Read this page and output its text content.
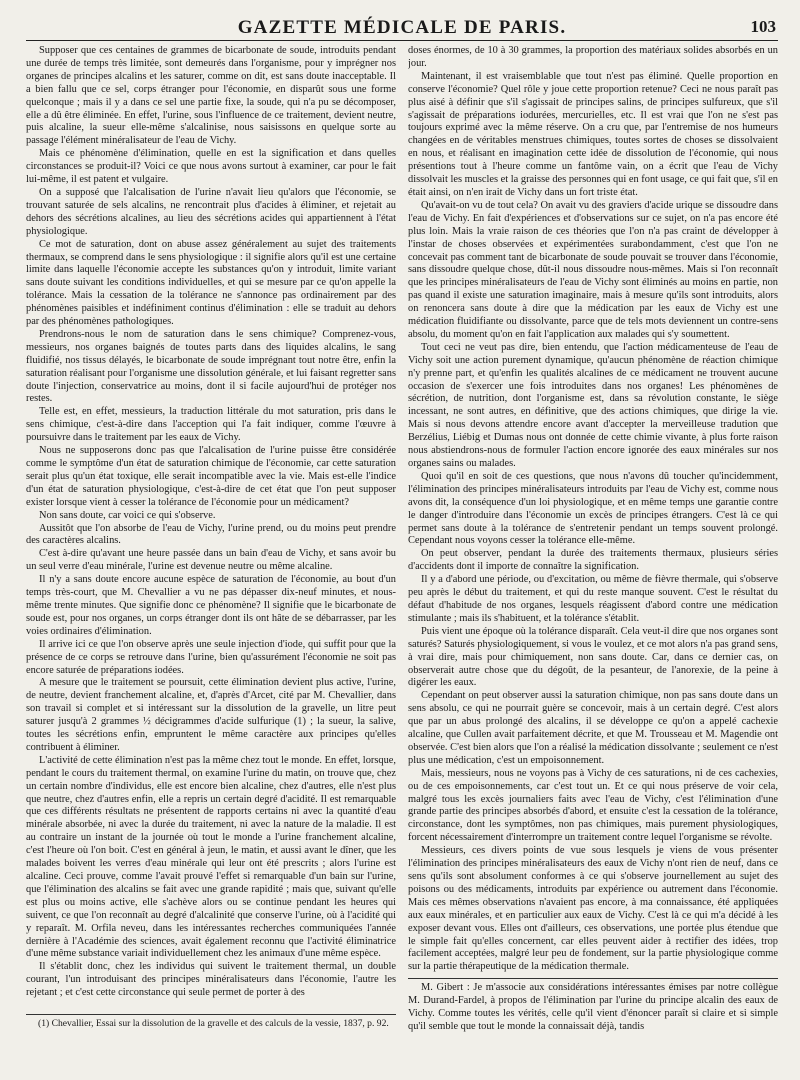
GAZETTE MÉDICALE DE PARIS.	103

Supposer que ces centaines de grammes de bicarbonate de soude, introduits pendant une durée de temps très limitée, sont demeurés dans l'organisme, pour y imprégner nos organes de principes alcalins et les saturer, comme on dit, est sans doute inacceptable. Il a bien fallu que ce sel, corps étranger pour l'économie, en disparût sous une forme quelconque ; mais il y a dans ce sel une partie fixe, la soude, qui n'a pu se décomposer, elle a dû être éliminée. En effet, l'urine, sous l'influence de ce traitement, devient neutre, puis alcaline, la sueur elle-même s'alcalinise, nous saisissons en quelque sorte au passage l'élément minéralisateur de l'eau de Vichy.

Mais ce phénomène d'élimination, quelle en est la signification et dans quelles circonstances se produit-il? Voici ce que nous avons surtout à examiner, car pour le fait lui-même, il est patent et vulgaire.

On a supposé que l'alcalisation de l'urine n'avait lieu qu'alors que l'économie, se trouvant saturée de sels alcalins, ne rencontrait plus d'acides à éliminer, et rejetait au dehors des sécrétions alcalines, au lieu des sécrétions acides qui appartiennent à l'état physiologique.

Ce mot de saturation, dont on abuse assez généralement au sujet des traitements thermaux, se comprend dans le sens physiologique : il signifie alors qu'il est une certaine limite dans laquelle l'économie accepte les substances qu'on y introduit, limite variant sans doute suivant les conditions individuelles, et qui se mesure par ce qu'on appelle la tolérance. Mais la cessation de la tolérance ne s'annonce pas ordinairement par des phénomènes paisibles et indéfiniment continus d'élimination : elle se traduit au dehors par des phénomènes pathologiques.

Prendrons-nous le nom de saturation dans le sens chimique? Comprenez-vous, messieurs, nos organes baignés de toutes parts dans des liquides alcalins, le sang fluidifié, nos tissus délayés, le bicarbonate de soude imprégnant tout notre être, enfin la saturation réalisant pour l'organisme une dissolution générale, et lui faisant regretter sans doute l'injection, conservatrice au moins, dont il si facile aujourd'hui de protéger nos restes.

Telle est, en effet, messieurs, la traduction littérale du mot saturation, pris dans le sens chimique, c'est-à-dire dans l'acception qui l'a fait indiquer, comme l'œuvre à poursuivre dans le traitement par les eaux de Vichy.

Nous ne supposerons donc pas que l'alcalisation de l'urine puisse être considérée comme le symptôme d'un état de saturation chimique de l'économie, car cette saturation serait plus qu'un état toxique, elle serait incompatible avec la vie. Mais est-elle l'indice d'un état de saturation physiologique, c'est-à-dire de cet état que l'on peut supposer exister lorsque vient à cesser la tolérance de l'économie pour un médicament?

Non sans doute, car voici ce qui s'observe.

Aussitôt que l'on absorbe de l'eau de Vichy, l'urine prend, ou du moins peut prendre des caractères alcalins.

C'est à-dire qu'avant une heure passée dans un bain d'eau de Vichy, et sans avoir bu un seul verre d'eau minérale, l'urine est devenue neutre ou même alcaline.

Il n'y a sans doute encore aucune espèce de saturation de l'économie, au bout d'un temps très-court, que M. Chevallier a vu ne pas dépasser dix-neuf minutes, et nous-même trente minutes. Que signifie donc ce phénomène? Il signifie que le bicarbonate de soude est, pour nos organes, un corps étranger dont ils ont hâte de se débarrasser, par les voies ordinaires d'élimination.

Il arrive ici ce que l'on observe après une seule injection d'iode, qui suffit pour que la présence de ce corps se retrouve dans l'urine, bien qu'assurément l'économie ne soit pas encore saturée de préparations iodées.

A mesure que le traitement se poursuit, cette élimination devient plus active, l'urine, de neutre, devient franchement alcaline, et, d'après d'Arcet, cité par M. Chevallier, dans son travail si complet et si intéressant sur la dissolution de la gravelle, un litre peut saturer jusqu'à 2 grammes ½ décigrammes d'acide sulfurique (1) ; la sueur, la salive, toutes les sécrétions enfin, empruntent le même caractère aux principes qu'elles contribuent à éliminer.

L'activité de cette élimination n'est pas la même chez tout le monde. En effet, lorsque, pendant le cours du traitement thermal, on examine l'urine du matin, on trouve que, chez un certain nombre d'individus, elle est encore bien alcaline, chez d'autres, elle n'est plus que neutre, chez d'autres enfin, elle a repris un certain degré d'acidité. Il est remarquable que ces différents résultats ne présentent de rapports certains ni avec la quantité d'eau minérale absorbée, ni avec la durée du traitement, ni avec la nature de la maladie. Il est au contraire un instant de la journée où tout le monde a l'urine franchement alcaline, c'est l'heure où l'on boit. C'est en général à jeun, le matin, et aussi avant le dîner, que les malades boivent les verres d'eau minérale qui leur ont été prescrits ; alors l'urine est alcaline. Ceci prouve, comme l'avait prouvé l'effet si remarquable d'un bain sur l'urine, que l'élimination des alcalins se fait avec une grande rapidité ; mais que, suivant qu'elle est plus ou moins active, elle s'achève alors ou se continue pendant les heures qui suivent, ce que l'on reconnaît au degré d'alcalinité que conserve l'urine, où à l'acidité qui y reparaît. M. Orfila neveu, dans les intéressantes recherches communiquées l'année dernière à l'Académie des sciences, avait également reconnu que l'activité éliminatrice d'une même substance variait individuellement chez les animaux d'une même espèce.

Il s'établit donc, chez les individus qui suivent le traitement thermal, un double courant, l'un introduisant des principes minéralisateurs dans l'économie, l'autre les rejetant ; et c'est cette circonstance qui seule permet de porter à des

(1) Chevallier, Essai sur la dissolution de la gravelle et des calculs de la vessie, 1837, p. 92.

doses énormes, de 10 à 30 grammes, la proportion des matériaux solides absorbés en un jour.

Maintenant, il est vraisemblable que tout n'est pas éliminé. Quelle proportion en conserve l'économie? Quel rôle y joue cette proportion retenue? Ceci ne nous paraît pas plus aisé à définir que s'il s'agissait de principes salins, de principes sulfureux, que s'il s'agissait de préparations iodurées, mercurielles, etc. Il est vrai que l'on ne s'est pas toujours exprimé avec la même réserve. On a cru que, par l'entremise de nos humeurs changées en de véritables menstrues chimiques, toutes sortes de choses se dissolvaient en nous, et réalisant en imagination cette idée de dissolution de l'économie, qui nous présentions tout à l'heure comme un fantôme vain, on a écrit que l'eau de Vichy dissolvait les muscles et la graisse des personnes qui en font usage, ce qui fait que, s'il en était ainsi, on n'en irait de Vichy dans un fort triste état.

Qu'avait-on vu de tout cela? On avait vu des graviers d'acide urique se dissoudre dans l'eau de Vichy. En fait d'expériences et d'observations sur ce sujet, on n'a pas encore été plus loin. Mais la vraie raison de ces théories que l'on n'a pas craint de développer à l'instar de choses observées et expérimentées surabondamment, c'est que l'on ne concevait pas comment tant de bicarbonate de soude pouvait se trouver dans l'économie, sans dissoudre quelque chose, dût-il nous dissoudre nous-mêmes. Mais si l'on reconnaît que les principes minéralisateurs de l'eau de Vichy sont éliminés au moins en partie, non pas quand il existe une saturation imaginaire, mais à mesure qu'ils sont introduits, alors on renoncera sans doute à dire que la médication par les eaux de Vichy est une médication fluidifiante ou dissolvante, parce que de tels mots deviennent un contre-sens absolu, du moment qu'on en fait l'application aux malades qui s'y soumettent.

Tout ceci ne veut pas dire, bien entendu, que l'action médicamenteuse de l'eau de Vichy soit une action purement dynamique, qu'aucun phénomène de réaction chimique n'y prenne part, et qu'enfin les qualités alcalines de ce médicament ne trouvent aucune occasion de s'exercer une fois introduites dans nos organes! Les phénomènes de sécrétion, de nutrition, dont l'organisme est, dans sa révolution constante, le siège incessant, ne sont autres, en définitive, que des actions chimiques, que dirige la vie. Mais si nous devons attendre encore avant d'accepter la merveilleuse tradution que Berzélius, Liébig et Dumas nous ont donnée de cette chimie vivante, à plus forte raison nous abstiendrons-nous de formuler l'action encore ignorée des eaux minérales sur nos organes sains ou malades.

Quoi qu'il en soit de ces questions, que nous n'avons dû toucher qu'incidemment, l'élimination des principes minéralisateurs introduits par l'eau de Vichy est, comme nous avons dit, la conséquence d'un loi physiologique, et en même temps une garantie contre le danger d'introduire dans l'économie un excès de principes étrangers. C'est là ce qui permet sans doute à la tolérance de s'entretenir pendant un temps souvent prolongé. Cependant nous voyons cesser la tolérance elle-même.

On peut observer, pendant la durée des traitements thermaux, plusieurs séries d'accidents dont il importe de connaître la signification.

Il y a d'abord une période, ou d'excitation, ou même de fièvre thermale, qui s'observe peu après le début du traitement, et qui du reste manque souvent. C'est le résultat du défaut d'habitude de nos organes, lesquels réagissent d'abord contre une médication stimulante ; mais ils s'habituent, et la tolérance s'établit.

Puis vient une époque où la tolérance disparaît. Cela veut-il dire que nos organes sont saturés? Saturés physiologiquement, si vous le voulez, et ce mot alors n'a pas grand sens, à vrai dire, mais pour chimiquement, non sans doute. Car, dans ce dernier cas, on observerait autre chose que du dégoût, de la pesanteur, de l'anorexie, de la peine à digérer les eaux.

Cependant on peut observer aussi la saturation chimique, non pas sans doute dans un sens absolu, ce qui ne pourrait guère se concevoir, mais à un certain degré. C'est alors que par un abus prolongé des alcalins, il se développe ce qu'on a appelé cachexie alcaline, que Cullen avait parfaitement décrite, et que M. Trousseau et M. Magendie ont observée. C'est bien alors que l'on a réalisé la médication dissolvante ; seulement ce n'est plus une médication, c'est un empoisonnement.

Mais, messieurs, nous ne voyons pas à Vichy de ces saturations, ni de ces cachexies, ou de ces empoisonnements, car c'est tout un. Et ce qui nous préserve de voir cela, malgré tous les excès journaliers faits avec l'eau de Vichy, c'est l'élimination d'une grande partie des principes absorbés d'abord, et ensuite c'est la cessation de la tolérance, circonstance, dont les symptômes, non pas chimiques, mais purement physiologiques, forcent nécessairement d'interrompre un traitement contre lequel l'organisme se révolte.

Messieurs, ces divers points de vue sous lesquels je viens de vous présenter l'élimination des principes minéralisateurs des eaux de Vichy n'ont rien de neuf, dans ce sens qu'ils sont absolument conformes à ce qui s'observe journellement au sujet des poisons ou des médicaments, introduits par expérience ou autrement dans l'économie. Mais ces mêmes observations n'avaient pas encore, à ma connaissance, été appliquées aux eaux minérales, et en particulier aux eaux de Vichy. C'est là ce qui m'a décidé à les exposer devant vous. Elles ont d'ailleurs, ces observations, une portée plus étendue que le simple fait qu'elles concernent, car elles peuvent aider à rectifier des idées, trop facilement acceptées, malgré leur peu de fondement, sur la partie physiologique comme sur la partie thérapeutique de la médication thermale.

M. Gibert : Je m'associe aux considérations intéressantes émises par notre collègue M. Durand-Fardel, à propos de l'élimination par l'urine du principe alcalin des eaux de Vichy. Comme toutes les vérités, celle qu'il vient d'énoncer paraît si claire et si simple qu'il semble que tout le monde la connaissait déjà, tandis
